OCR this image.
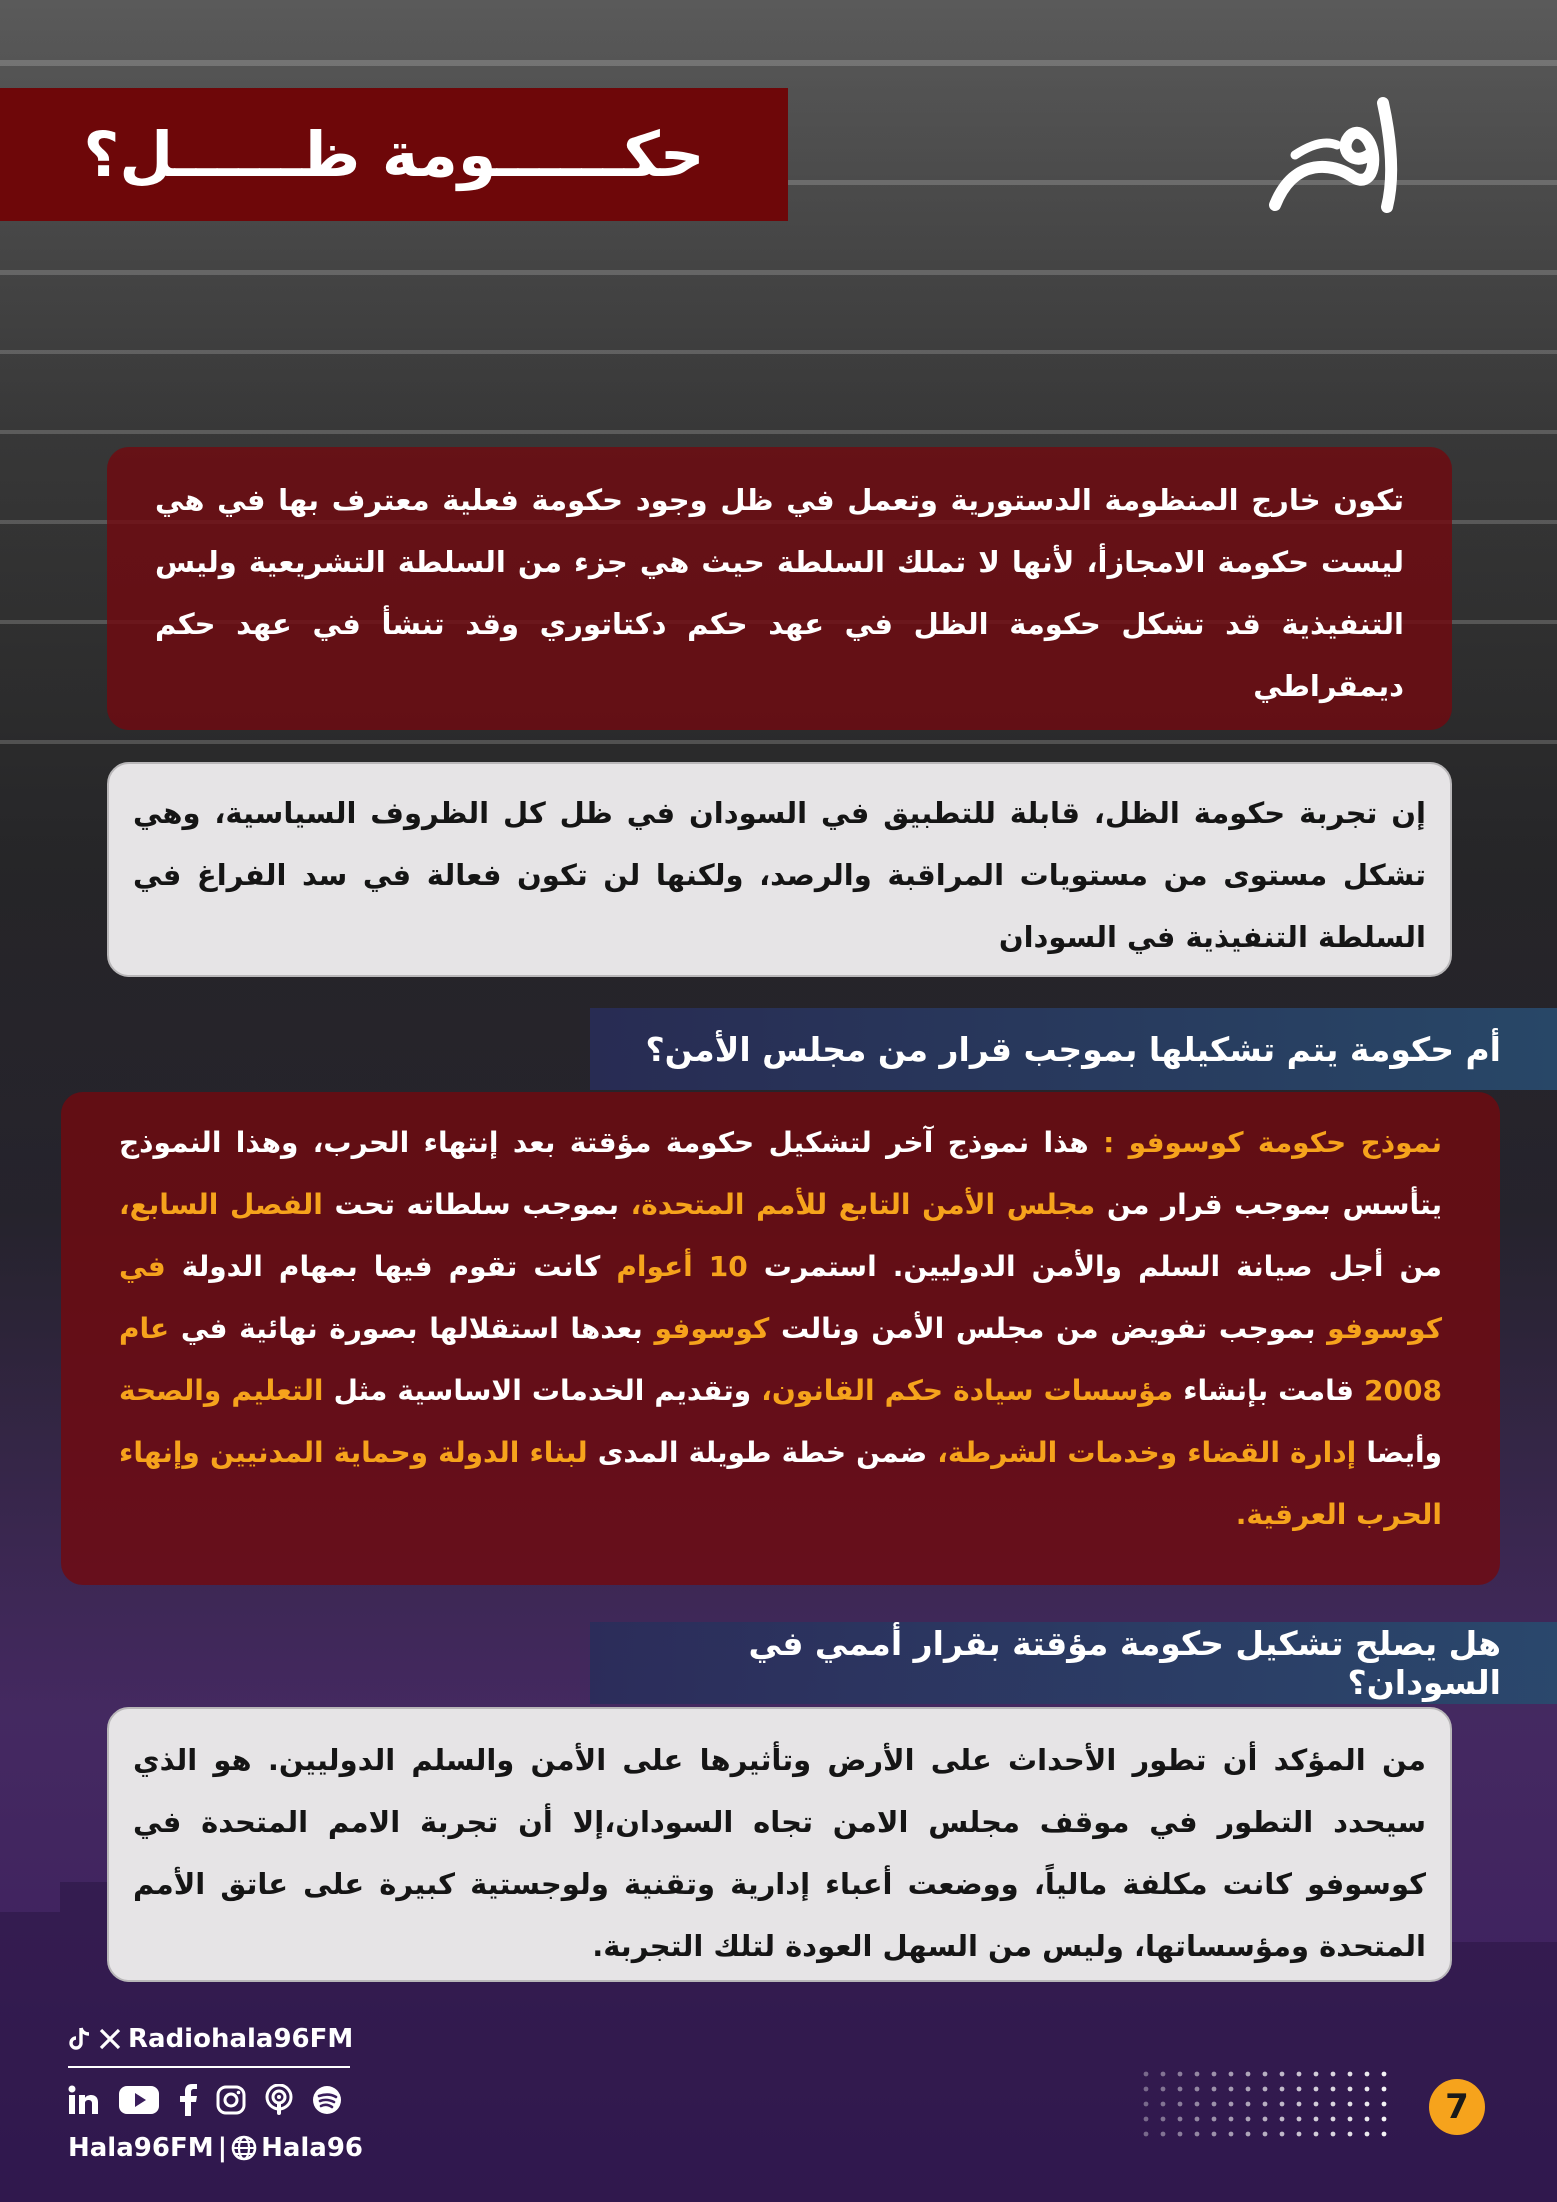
حكــــــومة ظــــــل؟

تكون خارج المنظومة الدستورية وتعمل في ظل وجود حكومة فعلية معترف بها في هي ليست حكومة الامجازأ، لأنها لا تملك السلطة حيث هي جزء من السلطة التشريعية وليس التنفيذية قد تشكل حكومة الظل في عهد حكم دكتاتوري وقد تنشأ في عهد حكم ديمقراطي

إن تجربة حكومة الظل، قابلة للتطبيق في السودان في ظل كل الظروف السياسية، وهي تشكل مستوى من مستويات المراقبة والرصد، ولكنها لن تكون فعالة في سد الفراغ في السلطة التنفيذية في السودان

أم حكومة يتم تشكيلها بموجب قرار من مجلس الأمن؟

نموذج حكومة كوسوفو : هذا نموذج آخر لتشكيل حكومة مؤقتة بعد إنتهاء الحرب، وهذا النموذج يتأسس بموجب قرار من مجلس الأمن التابع للأمم المتحدة، بموجب سلطاته تحت الفصل السابع، من أجل صيانة السلم والأمن الدوليين. استمرت 10 أعوام كانت تقوم فيها بمهام الدولة في كوسوفو بموجب تفويض من مجلس الأمن ونالت كوسوفو بعدها استقلالها بصورة نهائية في عام 2008 قامت بإنشاء مؤسسات سيادة حكم القانون، وتقديم الخدمات الاساسية مثل التعليم والصحة وأيضا إدارة القضاء وخدمات الشرطة، ضمن خطة طويلة المدى لبناء الدولة وحماية المدنيين وإنهاء الحرب العرقية.

هل يصلح تشكيل حكومة مؤقتة بقرار أممي في السودان؟

من المؤكد أن تطور الأحداث على الأرض وتأثيرها على الأمن والسلم الدوليين. هو الذي سيحدد التطور في موقف مجلس الامن تجاه السودان،إلا أن تجربة الامم المتحدة في كوسوفو كانت مكلفة مالياً، ووضعت أعباء إدارية وتقنية ولوجستية كبيرة على عاتق الأمم المتحدة ومؤسساتها، وليس من السهل العودة لتلك التجربة.

Radiohala96FM
Hala96FM | Hala96
7
